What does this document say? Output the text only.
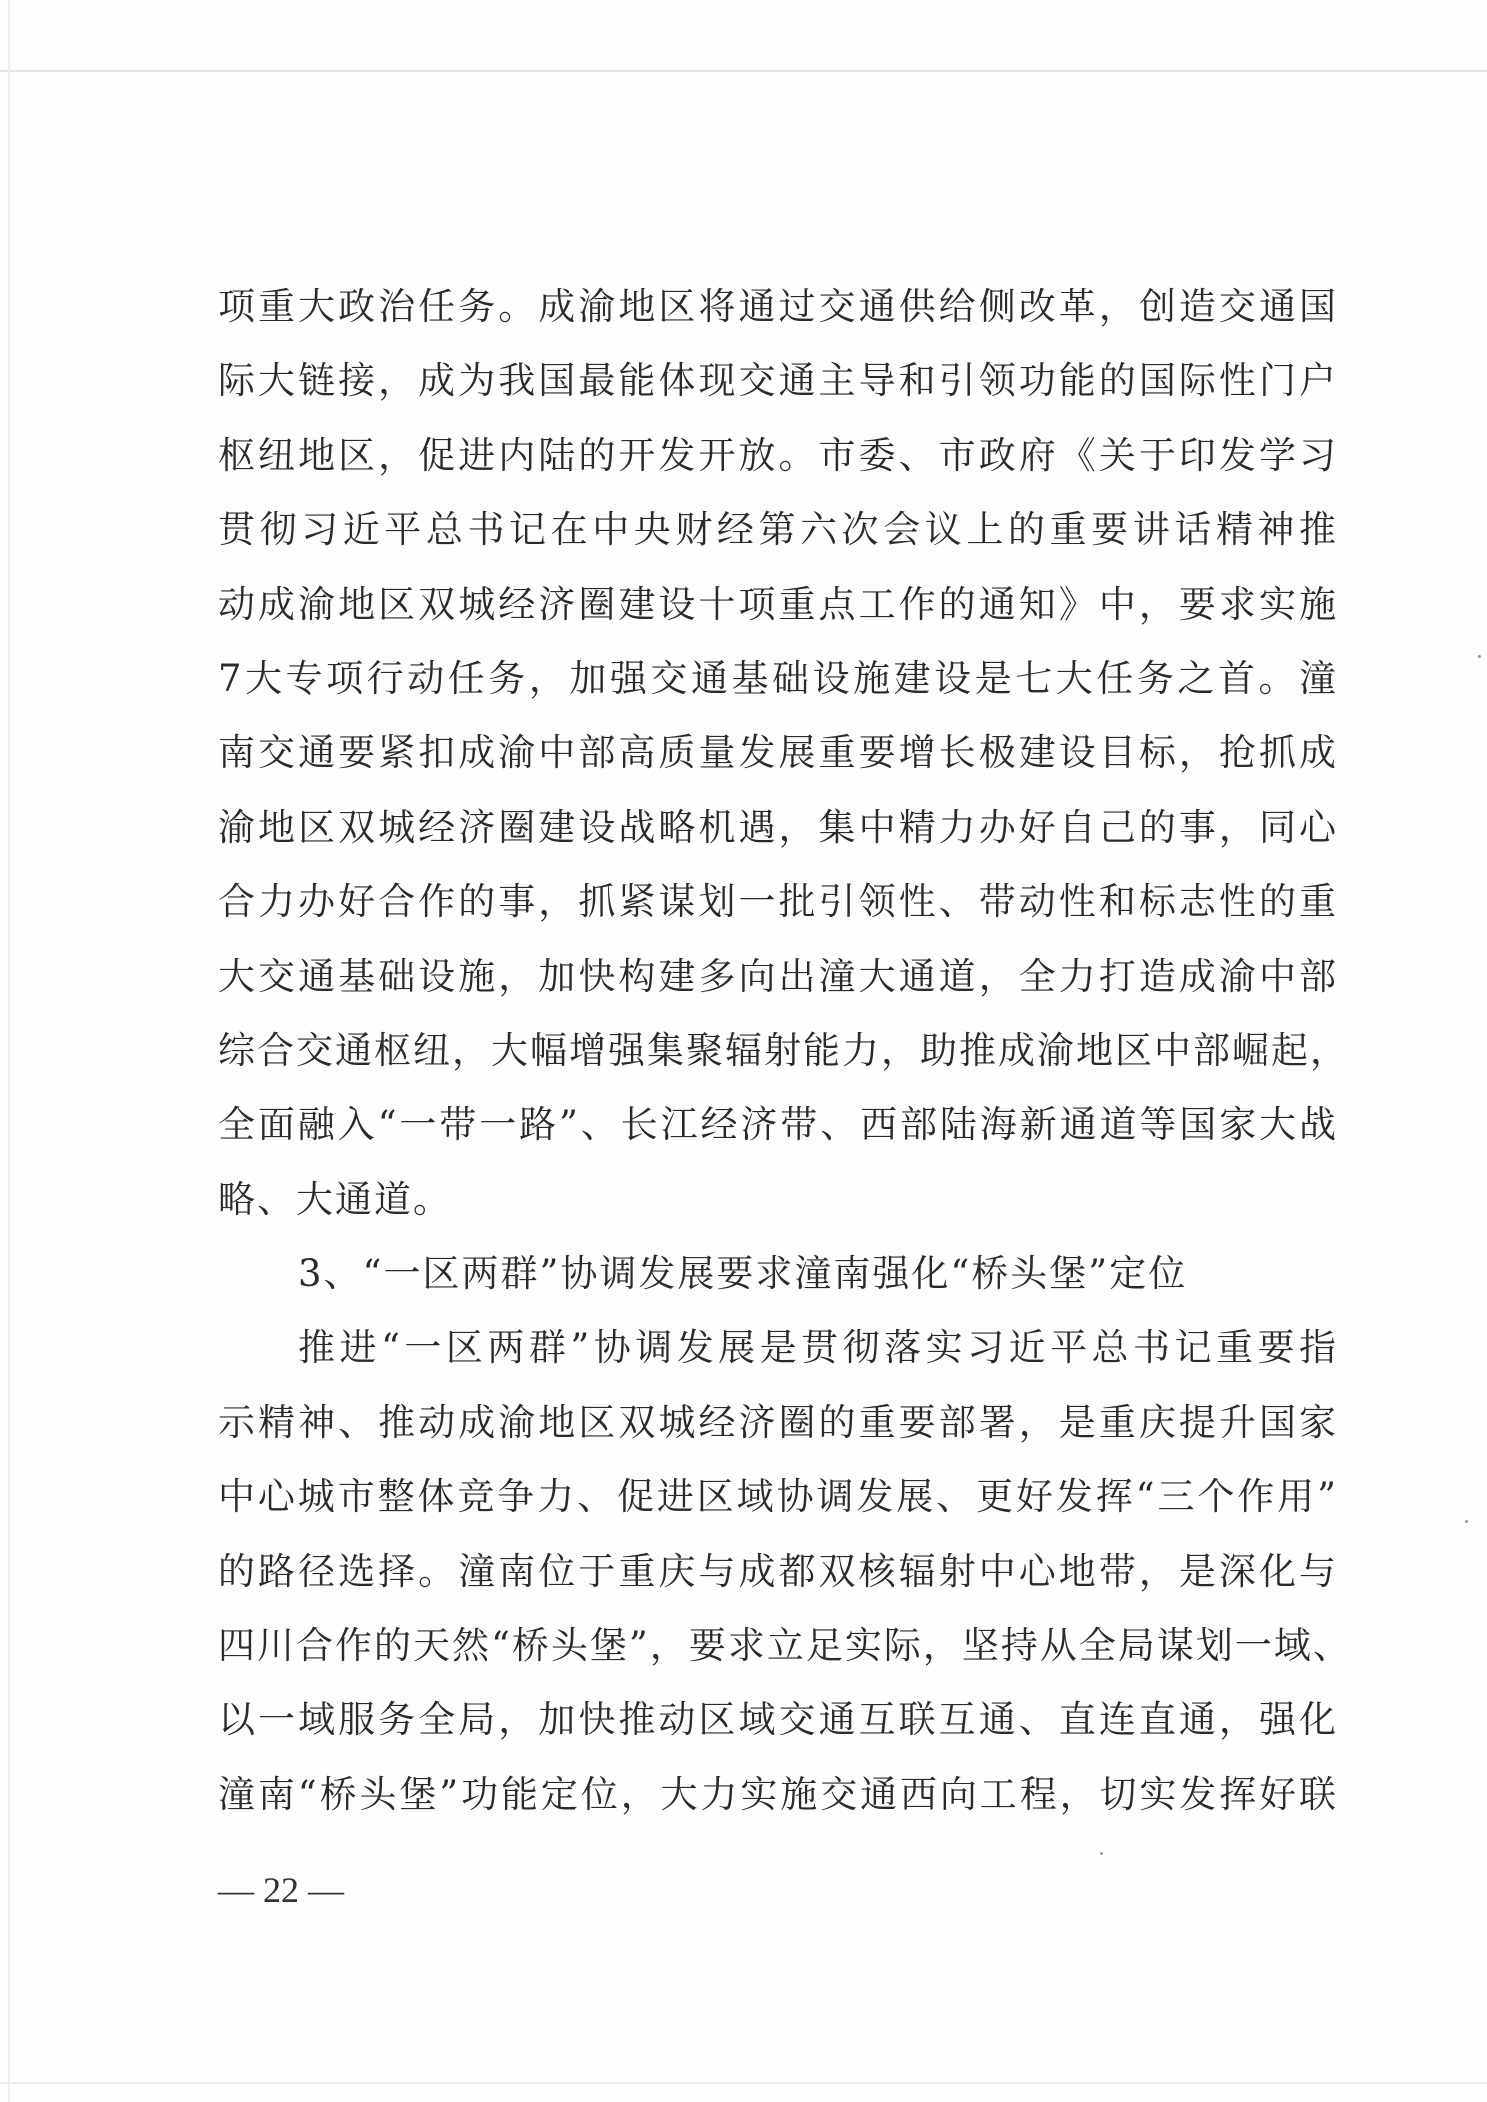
项重大政治任务。成渝地区将通过交通供给侧改革，创造交通国
际大链接，成为我国最能体现交通主导和引领功能的国际性门户
枢纽地区，促进内陆的开发开放。市委、市政府《关于印发学习
贯彻习近平总书记在中央财经第六次会议上的重要讲话精神推
动成渝地区双城经济圈建设十项重点工作的通知》中，要求实施
7大专项行动任务，加强交通基础设施建设是七大任务之首。潼
南交通要紧扣成渝中部高质量发展重要增长极建设目标，抢抓成
渝地区双城经济圈建设战略机遇，集中精力办好自己的事，同心
合力办好合作的事，抓紧谋划一批引领性、带动性和标志性的重
大交通基础设施，加快构建多向出潼大通道，全力打造成渝中部
综合交通枢纽，大幅增强集聚辐射能力，助推成渝地区中部崛起，
全面融入“一带一路”、长江经济带、西部陆海新通道等国家大战
略、大通道。
3、“一区两群”协调发展要求潼南强化“桥头堡”定位
推进“一区两群”协调发展是贯彻落实习近平总书记重要指
示精神、推动成渝地区双城经济圈的重要部署，是重庆提升国家
中心城市整体竞争力、促进区域协调发展、更好发挥“三个作用”
的路径选择。潼南位于重庆与成都双核辐射中心地带，是深化与
四川合作的天然“桥头堡”，要求立足实际，坚持从全局谋划一域、
以一域服务全局，加快推动区域交通互联互通、直连直通，强化
潼南“桥头堡”功能定位，大力实施交通西向工程，切实发挥好联
— 22 —
